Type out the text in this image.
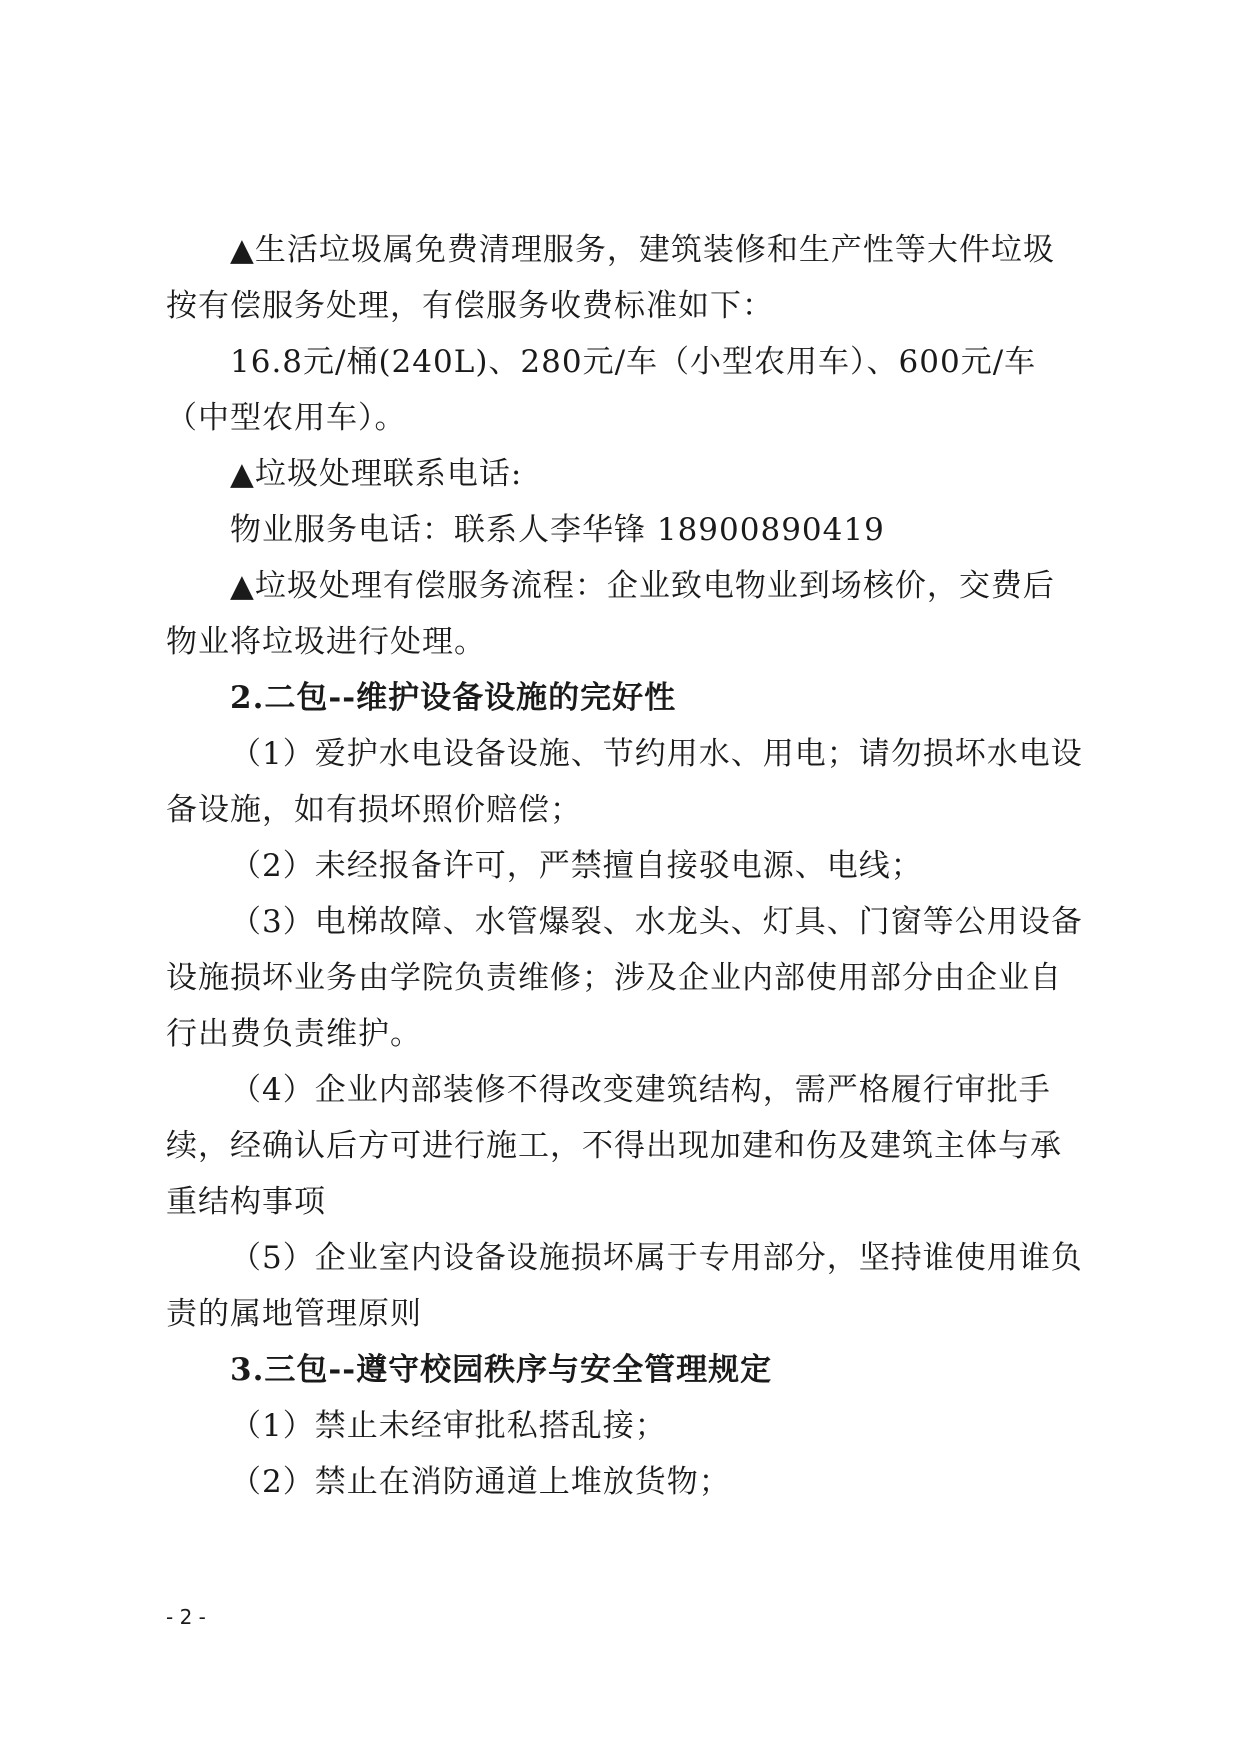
▲生活垃圾属免费清理服务，建筑装修和生产性等大件垃圾按有偿服务处理，有偿服务收费标准如下：

16.8元/桶(240L)、280元/车（小型农用车）、600元/车（中型农用车）。

▲垃圾处理联系电话:

物业服务电话：联系人李华锋 18900890419

▲垃圾处理有偿服务流程：企业致电物业到场核价，交费后物业将垃圾进行处理。

2.二包--维护设备设施的完好性

（1）爱护水电设备设施、节约用水、用电；请勿损坏水电设备设施，如有损坏照价赔偿；

（2）未经报备许可，严禁擅自接驳电源、电线；

（3）电梯故障、水管爆裂、水龙头、灯具、门窗等公用设备设施损坏业务由学院负责维修；涉及企业内部使用部分由企业自行出费负责维护。

（4）企业内部装修不得改变建筑结构，需严格履行审批手续，经确认后方可进行施工，不得出现加建和伤及建筑主体与承重结构事项

（5）企业室内设备设施损坏属于专用部分，坚持谁使用谁负责的属地管理原则

3.三包--遵守校园秩序与安全管理规定

（1）禁止未经审批私搭乱接；

（2）禁止在消防通道上堆放货物；

- 2 -
